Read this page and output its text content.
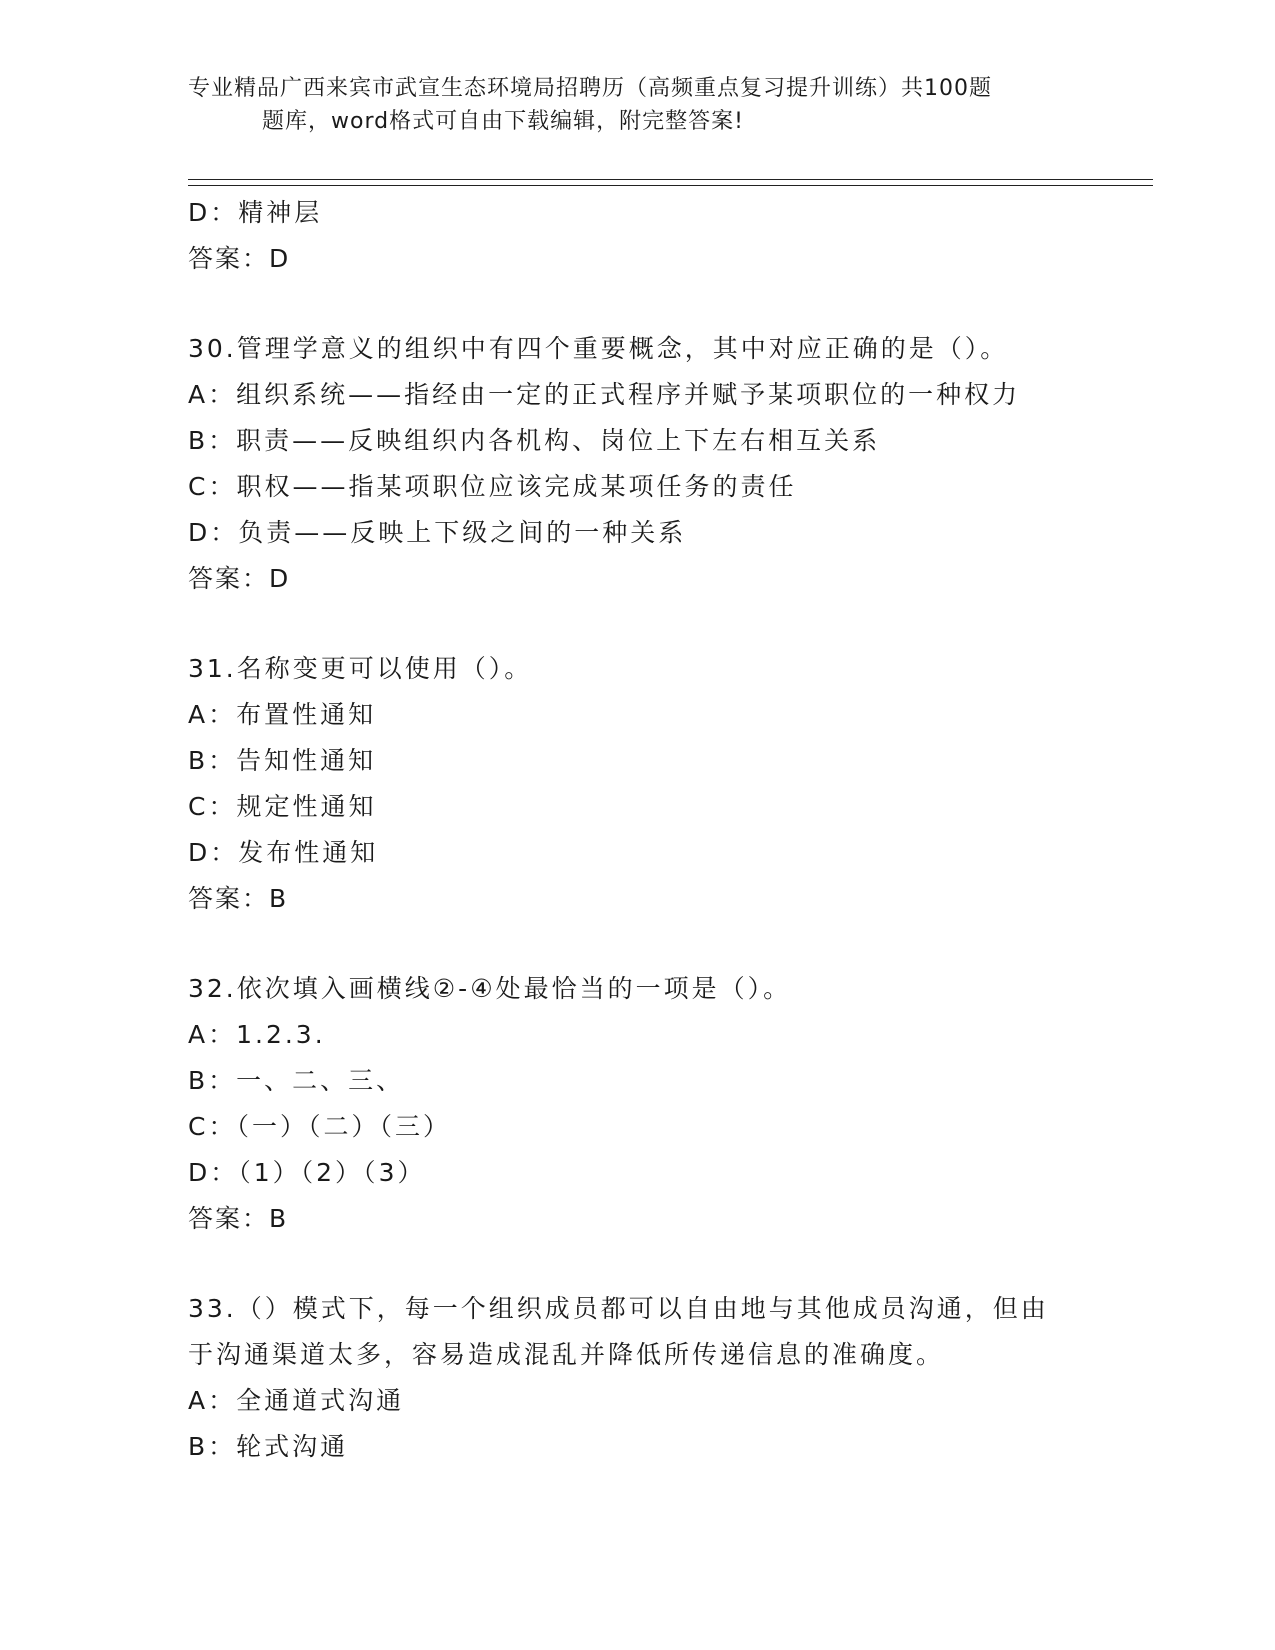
专业精品广西来宾市武宣生态环境局招聘历（高频重点复习提升训练）共100题
题库，word格式可自由下载编辑，附完整答案!
D：精神层
答案：D
30.管理学意义的组织中有四个重要概念，其中对应正确的是（）。
A：组织系统——指经由一定的正式程序并赋予某项职位的一种权力
B：职责——反映组织内各机构、岗位上下左右相互关系
C：职权——指某项职位应该完成某项任务的责任
D：负责——反映上下级之间的一种关系
答案：D
31.名称变更可以使用（）。
A：布置性通知
B：告知性通知
C：规定性通知
D：发布性通知
答案：B
32.依次填入画横线②-④处最恰当的一项是（）。
A：1.2.3.
B：一、二、三、
C：（一）（二）（三）
D：（1）（2）（3）
答案：B
33.（）模式下，每一个组织成员都可以自由地与其他成员沟通，但由
于沟通渠道太多，容易造成混乱并降低所传递信息的准确度。
A：全通道式沟通
B：轮式沟通
